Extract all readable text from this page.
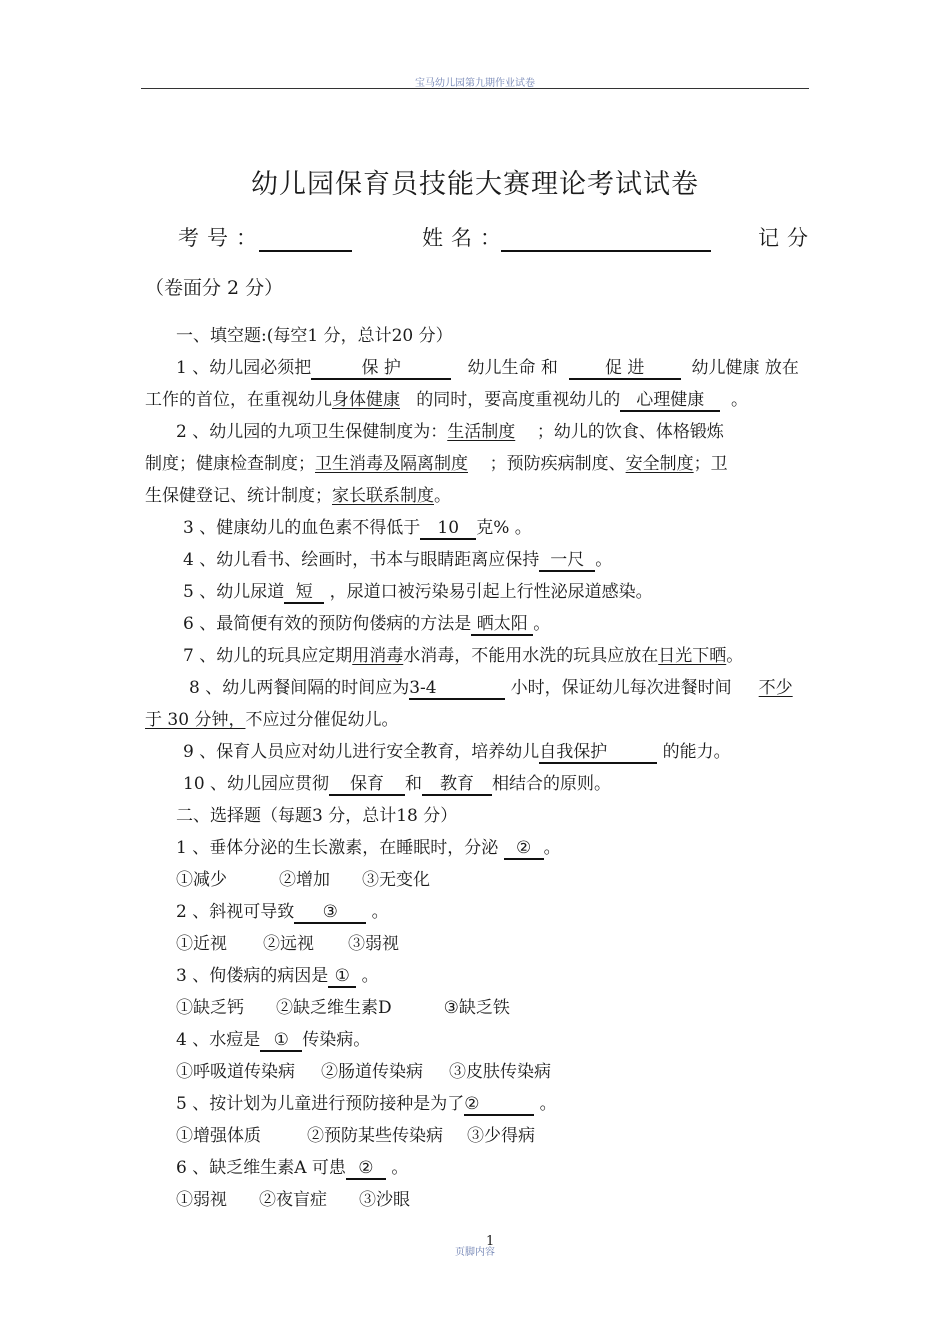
宝马幼儿园第九期作业试卷
幼儿园保育员技能大赛理论考试试卷
考号：	姓名：	记分
（卷面分 2 分）
一、填空题:(每空1 分，总计20 分）
1 、幼儿园必须把	保 护	幼儿生命 和	促 进	幼儿健康 放在
工作的首位，在重视幼儿身体健康 的同时，要高度重视幼儿的 心理健康 。
2 、幼儿园的九项卫生保健制度为：生活制度 ；幼儿的饮食、体格锻炼
制度；健康检查制度；卫生消毒及隔离制度 ；预防疾病制度、安全制度；卫
生保健登记、统计制度；家长联系制度。
3 、健康幼儿的血色素不得低于 10 克% 。
4 、幼儿看书、绘画时，书本与眼睛距离应保持 一尺 。
5 、幼儿尿道 短 ，尿道口被污染易引起上行性泌尿道感染。
6 、最简便有效的预防佝偻病的方法是 晒太阳 。
7 、幼儿的玩具应定期用消毒水消毒，不能用水洗的玩具应放在日光下晒。
8 、幼儿两餐间隔的时间应为3-4	小时，保证幼儿每次进餐时间 不少
于 30 分钟，不应过分催促幼儿。
9 、保育人员应对幼儿进行安全教育，培养幼儿自我保护	的能力。
10 、幼儿园应贯彻 保育 和 教育 相结合的原则。
二、选择题（每题3 分，总计18 分）
1 、垂体分泌的生长激素，在睡眠时，分泌 ② 。
①减少	②增加 ③无变化
2 、斜视可导致 ③ 。
①近视 ②远视 ③弱视
3 、佝偻病的病因是 ① 。
①缺乏钙 ②缺乏维生素D	③缺乏铁
4 、水痘是 ① 传染病。
①呼吸道传染病 ②肠道传染病 ③皮肤传染病
5 、按计划为儿童进行预防接种是为了②	。
①增强体质	②预防某些传染病 ③少得病
6 、缺乏维生素A 可患 ② 。
①弱视 ②夜盲症 ③沙眼
1
页脚内容
